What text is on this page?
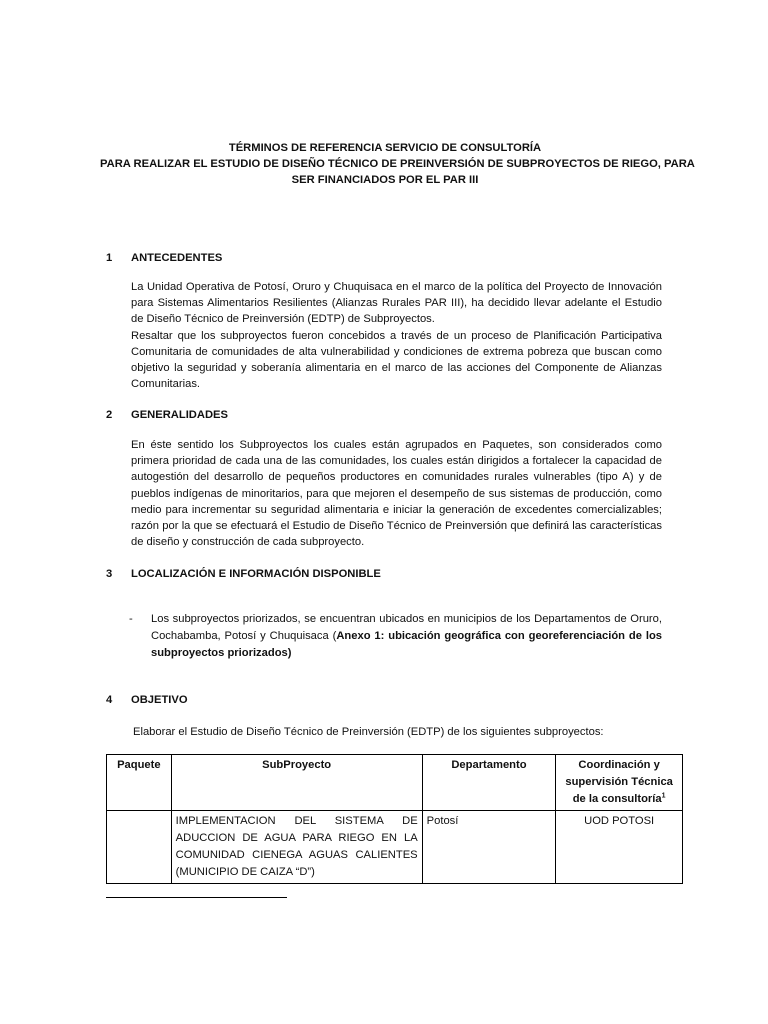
TÉRMINOS DE REFERENCIA SERVICIO DE CONSULTORÍA
PARA REALIZAR EL ESTUDIO DE DISEÑO TÉCNICO DE PREINVERSIÓN DE SUBPROYECTOS DE RIEGO, PARA
SER FINANCIADOS POR EL PAR III
1 ANTECEDENTES
La Unidad Operativa de Potosí, Oruro y Chuquisaca en el marco de la política del Proyecto de Innovación
para Sistemas Alimentarios Resilientes (Alianzas Rurales PAR III), ha decidido llevar adelante el Estudio
de Diseño Técnico de Preinversión (EDTP) de Subproyectos.
Resaltar que los subproyectos fueron concebidos a través de un proceso de Planificación Participativa
Comunitaria de comunidades de alta vulnerabilidad y condiciones de extrema pobreza que buscan como
objetivo la seguridad y soberanía alimentaria en el marco de las acciones del Componente de Alianzas
Comunitarias.
2 GENERALIDADES
En éste sentido los Subproyectos los cuales están agrupados en Paquetes, son considerados como
primera prioridad de cada una de las comunidades, los cuales están dirigidos a fortalecer la capacidad de
autogestión del desarrollo de pequeños productores en comunidades rurales vulnerables (tipo A) y de
pueblos indígenas de minoritarios, para que mejoren el desempeño de sus sistemas de producción, como
medio para incrementar su seguridad alimentaria e iniciar la generación de excedentes comercializables;
razón por la que se efectuará el Estudio de Diseño Técnico de Preinversión que definirá las características
de diseño y construcción de cada subproyecto.
3 LOCALIZACIÓN E INFORMACIÓN DISPONIBLE
- Los subproyectos priorizados, se encuentran ubicados en municipios de los Departamentos de Oruro,
Cochabamba, Potosí y Chuquisaca (Anexo 1: ubicación geográfica con georeferenciación de los
subproyectos priorizados)
4 OBJETIVO
Elaborar el Estudio de Diseño Técnico de Preinversión (EDTP) de los siguientes subproyectos:
Paquete	SubProyecto	Departamento	Coordinación y supervisión Técnica de la consultoría$^1$

	IMPLEMENTACION DEL SISTEMA DE
ADUCCION DE AGUA PARA RIEGO EN LA
COMUNIDAD CIENEGA AGUAS CALIENTES
(MUNICIPIO DE CAIZA “D”)	Potosí	UOD POTOSI
